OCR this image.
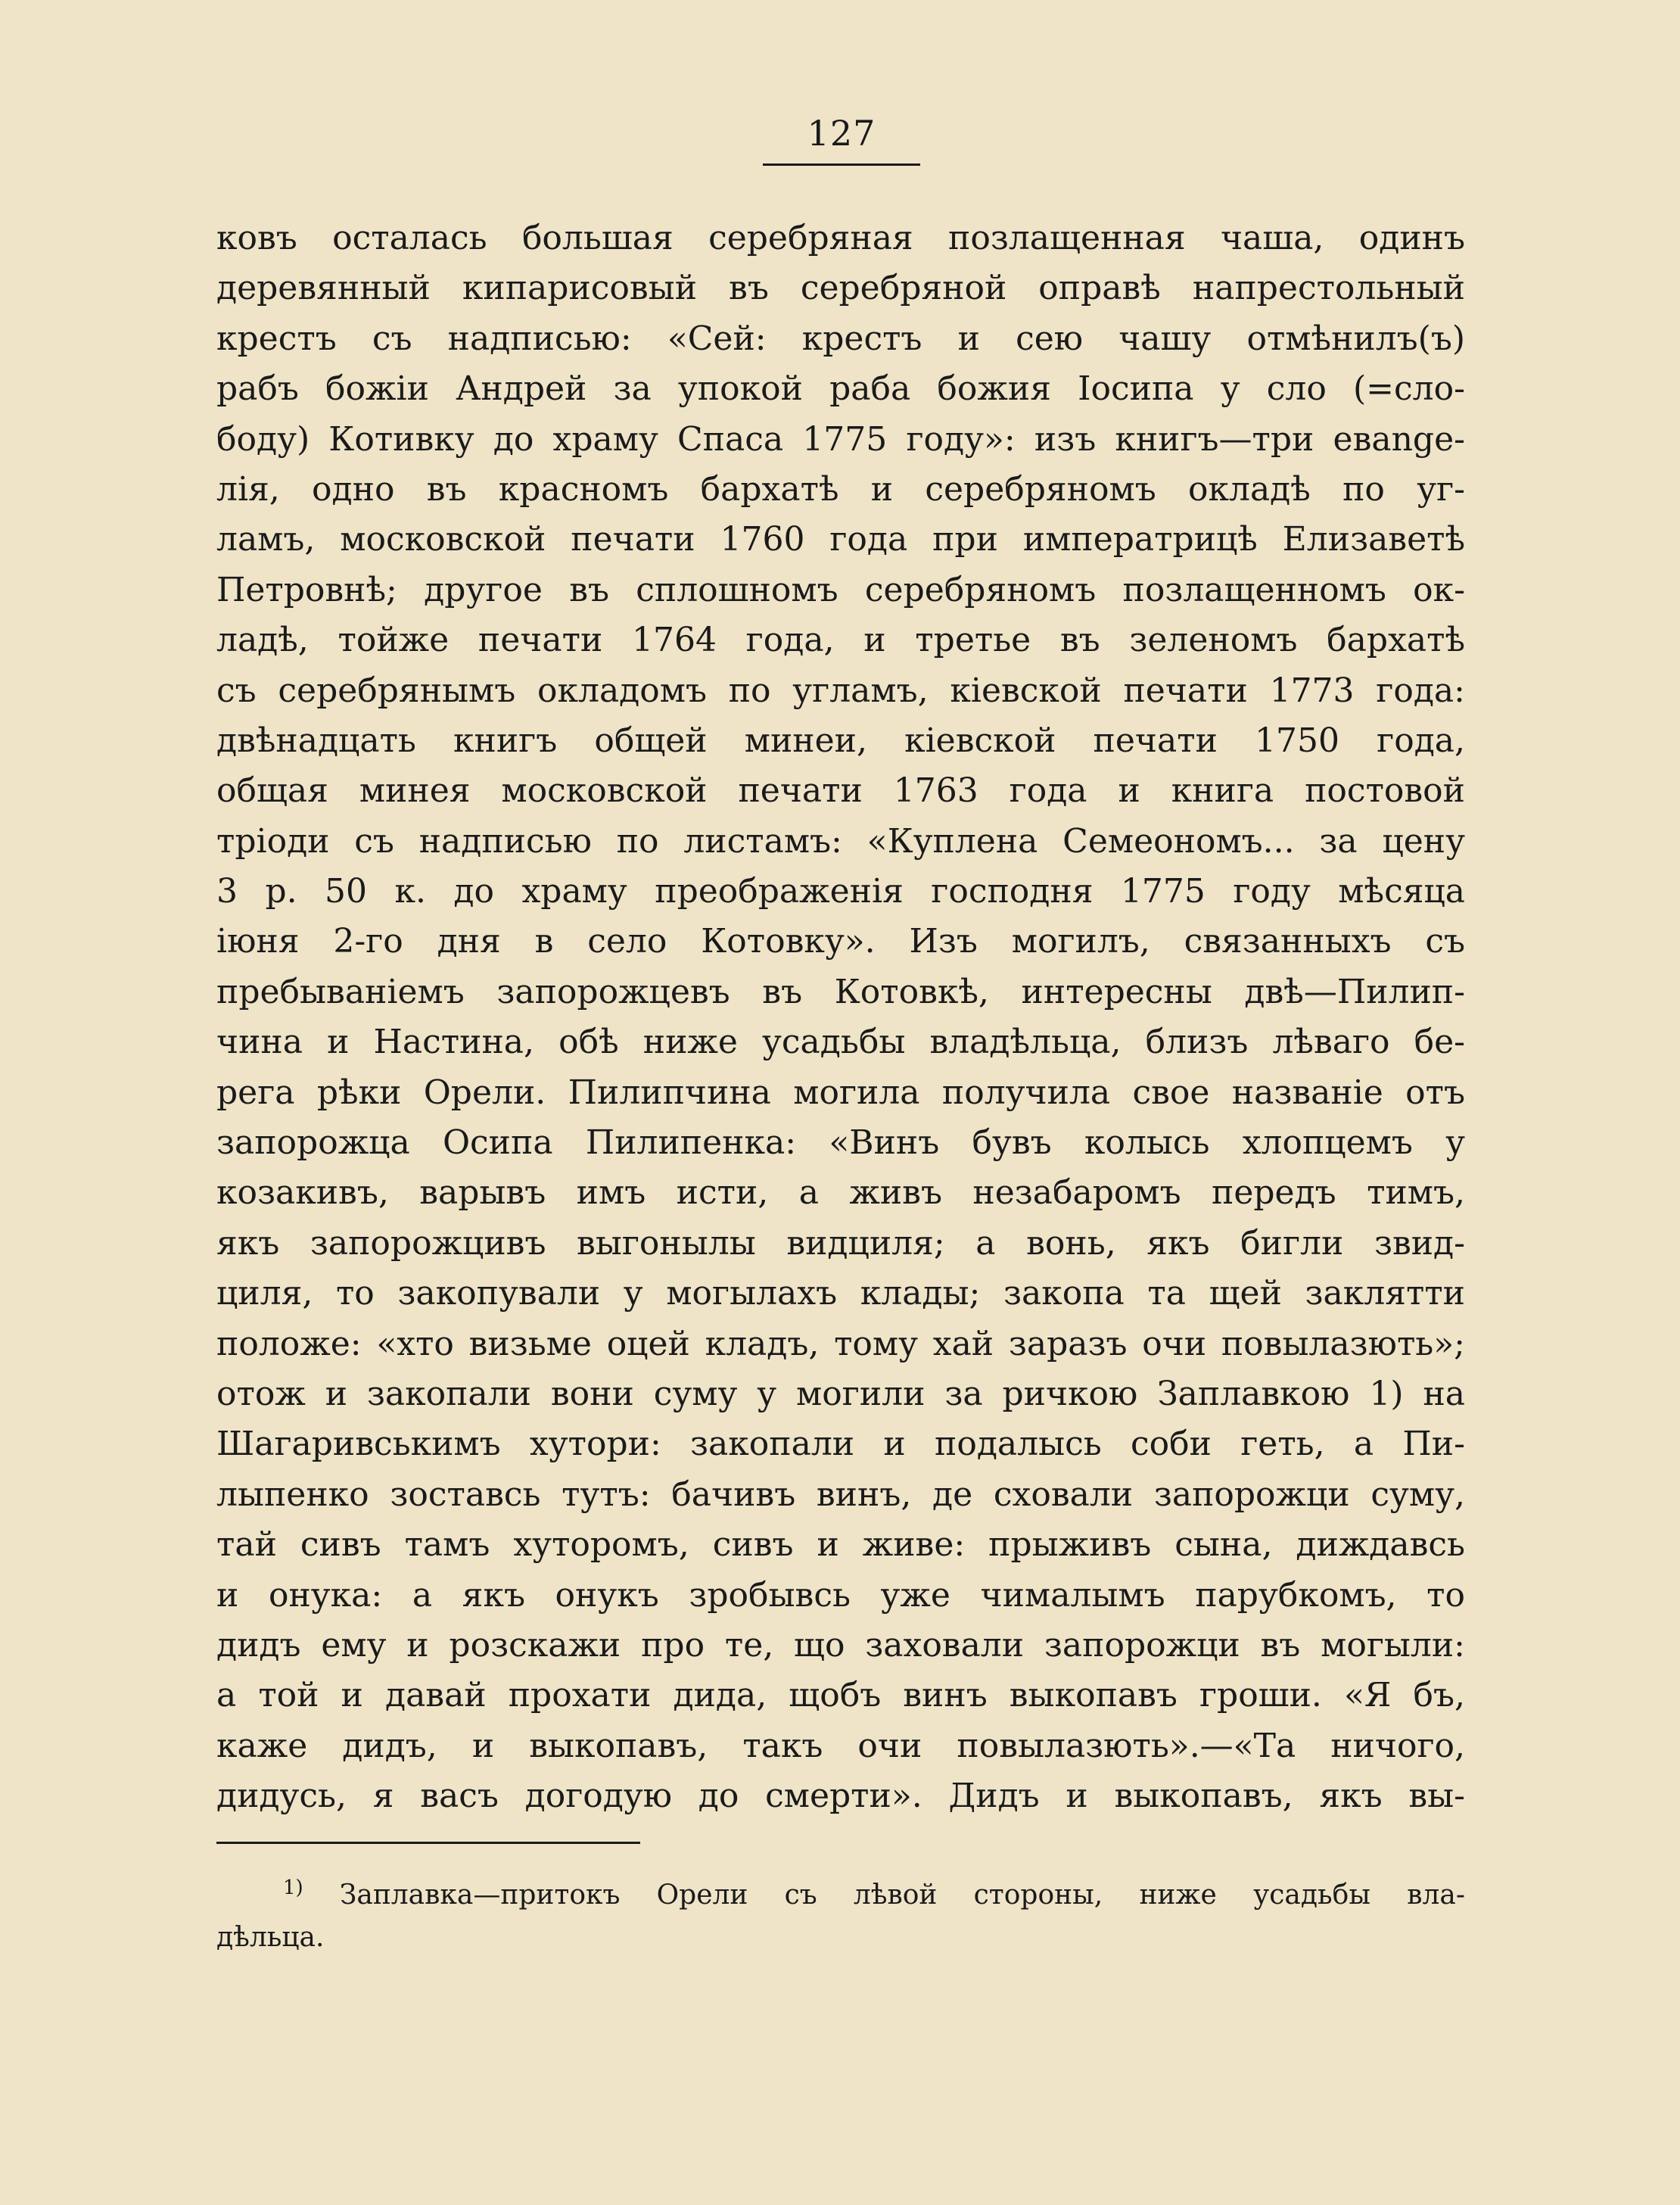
127
ковъ осталась большая серебряная позлащенная чаша, одинъ
деревянный кипарисовый въ серебряной оправѣ напрестольный
крестъ съ надписью: «Сей: крестъ и сею чашу отмѣнилъ(ъ)
рабъ божіи Андрей за упокой раба божия Іосипа у сло (=сло-
боду) Котивку до храму Спаса 1775 году»: изъ книгъ—три евange-
лія, одно въ красномъ бархатѣ и серебряномъ окладѣ по уг-
ламъ, московской печати 1760 года при императрицѣ Елизаветѣ
Петровнѣ; другое въ сплошномъ серебряномъ позлащенномъ ок-
ладѣ, тойже печати 1764 года, и третье въ зеленомъ бархатѣ
съ серебрянымъ окладомъ по угламъ, кіевской печати 1773 года:
двѣнадцать книгъ общей минеи, кіевской печати 1750 года,
общая минея московской печати 1763 года и книга постовой
тріоди съ надписью по листамъ: «Куплена Семеономъ... за цену
3 р. 50 к. до храму преображенія господня 1775 году мѣсяца
іюня 2-го дня в село Котовку». Изъ могилъ, связанныхъ съ
пребываніемъ запорожцевъ въ Котовкѣ, интересны двѣ—Пилип-
чина и Настина, обѣ ниже усадьбы владѣльца, близъ лѣваго бе-
рега рѣки Орели. Пилипчина могила получила свое названіе отъ
запорожца Осипа Пилипенка: «Винъ бувъ колысь хлопцемъ у
козакивъ, варывъ имъ исти, а живъ незабаромъ передъ тимъ,
якъ запорожцивъ выгонылы видциля; а вонь, якъ бигли звид-
циля, то закопували у могылахъ клады; закопа та щей заклятти
положе: «хто визьме оцей кладъ, тому хай заразъ очи повылазють»;
отож и закопали вони суму у могили за ричкою Заплавкою 1) на
Шагаривськимъ хутори: закопали и подалысь соби геть, а Пи-
лыпенко зоставсь тутъ: бачивъ винъ, де сховали запорожци суму,
тай сивъ тамъ хуторомъ, сивъ и живе: прыживъ сына, диждавсь
и онука: а якъ онукъ зробывсь уже чималымъ парубкомъ, то
дидъ ему и розскажи про те, що заховали запорожци въ могыли:
а той и давай прохати дида, щобъ винъ выкопавъ гроши. «Я бъ,
каже дидъ, и выкопавъ, такъ очи повылазють».—«Та ничого,
дидусь, я васъ догодую до смерти». Дидъ и выкопавъ, якъ вы-
$^{1)}$ Заплавка—притокъ Орели съ лѣвой стороны, ниже усадьбы вла-
дѣльца.
